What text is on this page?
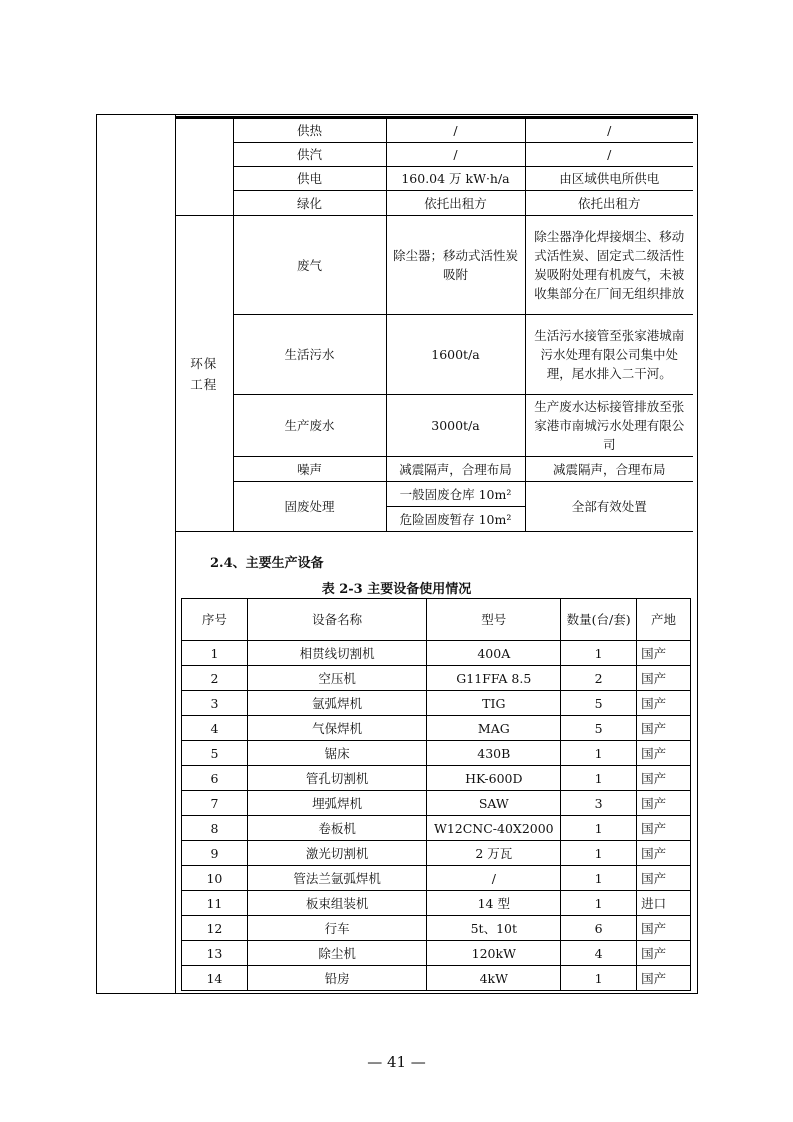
	供热	/	/
	供汽	/	/
	供电	160.04 万 kW·h/a	由区域供电所供电
	绿化	依托出租方	依托出租方

环保工程	废气	除尘器；移动式活性炭吸附	除尘器净化焊接烟尘、移动式活性炭、固定式二级活性炭吸附处理有机废气，未被收集部分在厂间无组织排放
	生活污水	1600t/a	生活污水接管至张家港城南污水处理有限公司集中处理，尾水排入二干河。
	生产废水	3000t/a	生产废水达标接管排放至张家港市南城污水处理有限公司
	噪声	减震隔声，合理布局	减震隔声，合理布局
	固废处理	一般固废仓库 10m²	全部有效处置
		危险固废暂存 10m²	
2.4、主要生产设备
表 2-3 主要设备使用情况
序号	设备名称	型号	数量(台/套)	产地
1	相贯线切割机	400A	1	国产
2	空压机	G11FFA 8.5	2	国产
3	氩弧焊机	TIG	5	国产
4	气保焊机	MAG	5	国产
5	锯床	430B	1	国产
6	管孔切割机	HK-600D	1	国产
7	埋弧焊机	SAW	3	国产
8	卷板机	W12CNC-40X2000	1	国产
9	激光切割机	2 万瓦	1	国产
10	管法兰氩弧焊机	/	1	国产
11	板束组装机	14 型	1	进口
12	行车	5t、10t	6	国产
13	除尘机	120kW	4	国产
14	铅房	4kW	1	国产
— 41 —
